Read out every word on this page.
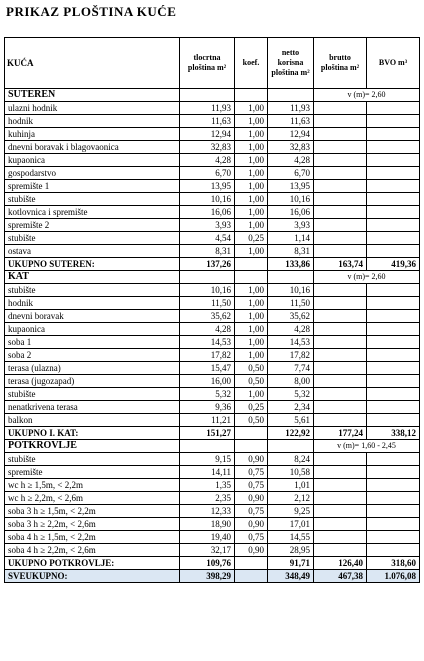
PRIKAZ PLOŠTINA KUĆE
KUĆA	tlocrtna ploština m²	koef.	netto korisna ploština m²	brutto ploština m²	BVO m³
SUTEREN				v (m)= 2,60	
ulazni hodnik	11,93	1,00	11,93		
hodnik	11,63	1,00	11,63		
kuhinja	12,94	1,00	12,94		
dnevni boravak i blagovaonica	32,83	1,00	32,83		
kupaonica	4,28	1,00	4,28		
gospodarstvo	6,70	1,00	6,70		
spremište 1	13,95	1,00	13,95		
stubište	10,16	1,00	10,16		
kotlovnica i spremište	16,06	1,00	16,06		
spremište 2	3,93	1,00	3,93		
stubište	4,54	0,25	1,14		
ostava	8,31	1,00	8,31		
UKUPNO SUTEREN:	137,26		133,86	163,74	419,36
KAT				v (m)= 2,60	
stubište	10,16	1,00	10,16		
hodnik	11,50	1,00	11,50		
dnevni boravak	35,62	1,00	35,62		
kupaonica	4,28	1,00	4,28		
soba 1	14,53	1,00	14,53		
soba 2	17,82	1,00	17,82		
terasa (ulazna)	15,47	0,50	7,74		
terasa (jugozapad)	16,00	0,50	8,00		
stubište	5,32	1,00	5,32		
nenatkrivena terasa	9,36	0,25	2,34		
balkon	11,21	0,50	5,61		
UKUPNO I. KAT:	151,27		122,92	177,24	338,12
POTKROVLJE				v (m)= 1,60 - 2,45	
stubište	9,15	0,90	8,24		
spremište	14,11	0,75	10,58		
wc h ≥ 1,5m, < 2,2m	1,35	0,75	1,01		
wc h ≥ 2,2m, < 2,6m	2,35	0,90	2,12		
soba 3 h ≥ 1,5m, < 2,2m	12,33	0,75	9,25		
soba 3 h ≥ 2,2m, < 2,6m	18,90	0,90	17,01		
soba 4 h ≥ 1,5m, < 2,2m	19,40	0,75	14,55		
soba 4 h ≥ 2,2m, < 2,6m	32,17	0,90	28,95		
UKUPNO POTKROVLJE:	109,76		91,71	126,40	318,60
SVEUKUPNO:	398,29		348,49	467,38	1.076,08
